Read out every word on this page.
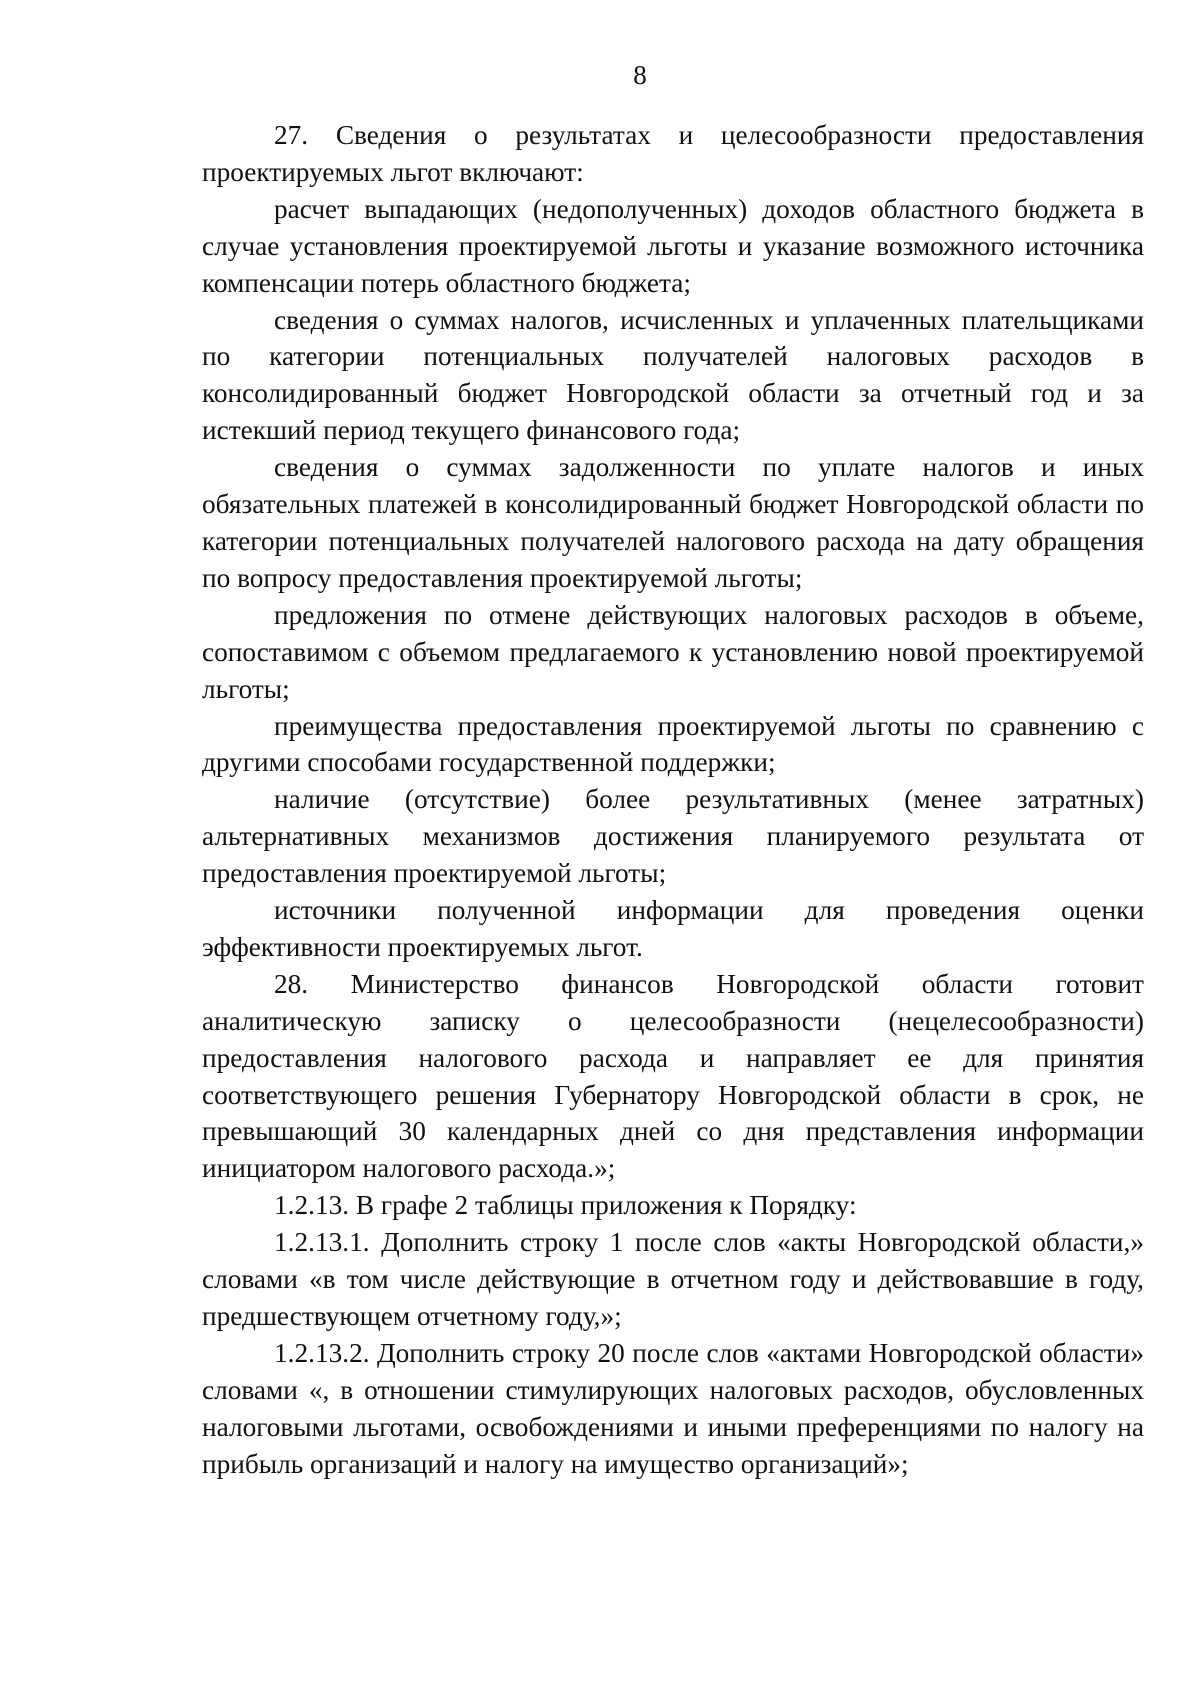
8

27. Сведения о результатах и целесообразности предоставления проектируемых льгот включают:

расчет выпадающих (недополученных) доходов областного бюджета в случае установления проектируемой льготы и указание возможного источника компенсации потерь областного бюджета;

сведения о суммах налогов, исчисленных и уплаченных плательщиками по категории потенциальных получателей налоговых расходов в консолидированный бюджет Новгородской области за отчетный год и за истекший период текущего финансового года;

сведения о суммах задолженности по уплате налогов и иных обязательных платежей в консолидированный бюджет Новгородской области по категории потенциальных получателей налогового расхода на дату обращения по вопросу предоставления проектируемой льготы;

предложения по отмене действующих налоговых расходов в объеме, сопоставимом с объемом предлагаемого к установлению новой проектируемой льготы;

преимущества предоставления проектируемой льготы по сравнению с другими способами государственной поддержки;

наличие (отсутствие) более результативных (менее затратных) альтернативных механизмов достижения планируемого результата от предоставления проектируемой льготы;

источники полученной информации для проведения оценки эффективности проектируемых льгот.

28. Министерство финансов Новгородской области готовит аналитическую записку о целесообразности (нецелесообразности) предоставления налогового расхода и направляет ее для принятия соответствующего решения Губернатору Новгородской области в срок, не превышающий 30 календарных дней со дня представления информации инициатором налогового расхода.»;

1.2.13. В графе 2 таблицы приложения к Порядку:

1.2.13.1. Дополнить строку 1 после слов «акты Новгородской области,» словами «в том числе действующие в отчетном году и действовавшие в году, предшествующем отчетному году,»;

1.2.13.2. Дополнить строку 20 после слов «актами Новгородской области» словами «, в отношении стимулирующих налоговых расходов, обусловленных налоговыми льготами, освобождениями и иными преференциями по налогу на прибыль организаций и налогу на имущество организаций»;
